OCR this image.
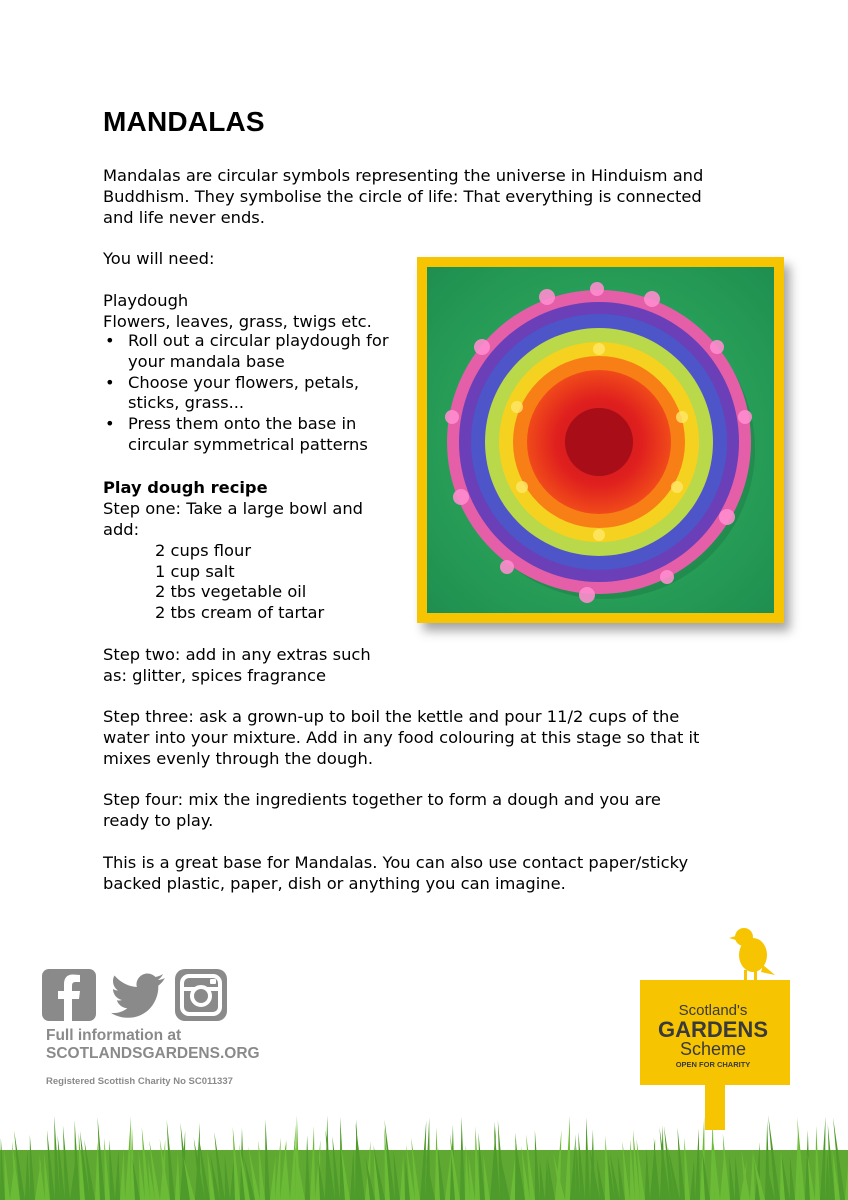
MANDALAS

Mandalas are circular symbols representing the universe in Hinduism and

Buddhism. They symbolise the circle of life: That everything is connected

and life never ends.

You will need:

Playdough

Flowers, leaves, grass, twigs etc.

• Roll out a circular playdough for your mandala base
• Choose your flowers, petals, sticks, grass...
• Press them onto the base in circular symmetrical patterns

Play dough recipe

Step one: Take a large bowl and

add:

2 cups flour

1 cup salt

2 tbs vegetable oil

2 tbs cream of tartar

Step two: add in any extras such

as: glitter, spices fragrance

Step three: ask a grown-up to boil the kettle and pour 11/2 cups of the

water into your mixture. Add in any food colouring at this stage so that it

mixes evenly through the dough.

Step four: mix the ingredients together to form a dough and you are

ready to play.

This is a great base for Mandalas. You can also use contact paper/sticky

backed plastic, paper, dish or anything you can imagine.

Full information at

SCOTLANDSGARDENS.ORG

Registered Scottish Charity No SC011337

Scotland's

GARDENS

Scheme

OPEN FOR CHARITY
